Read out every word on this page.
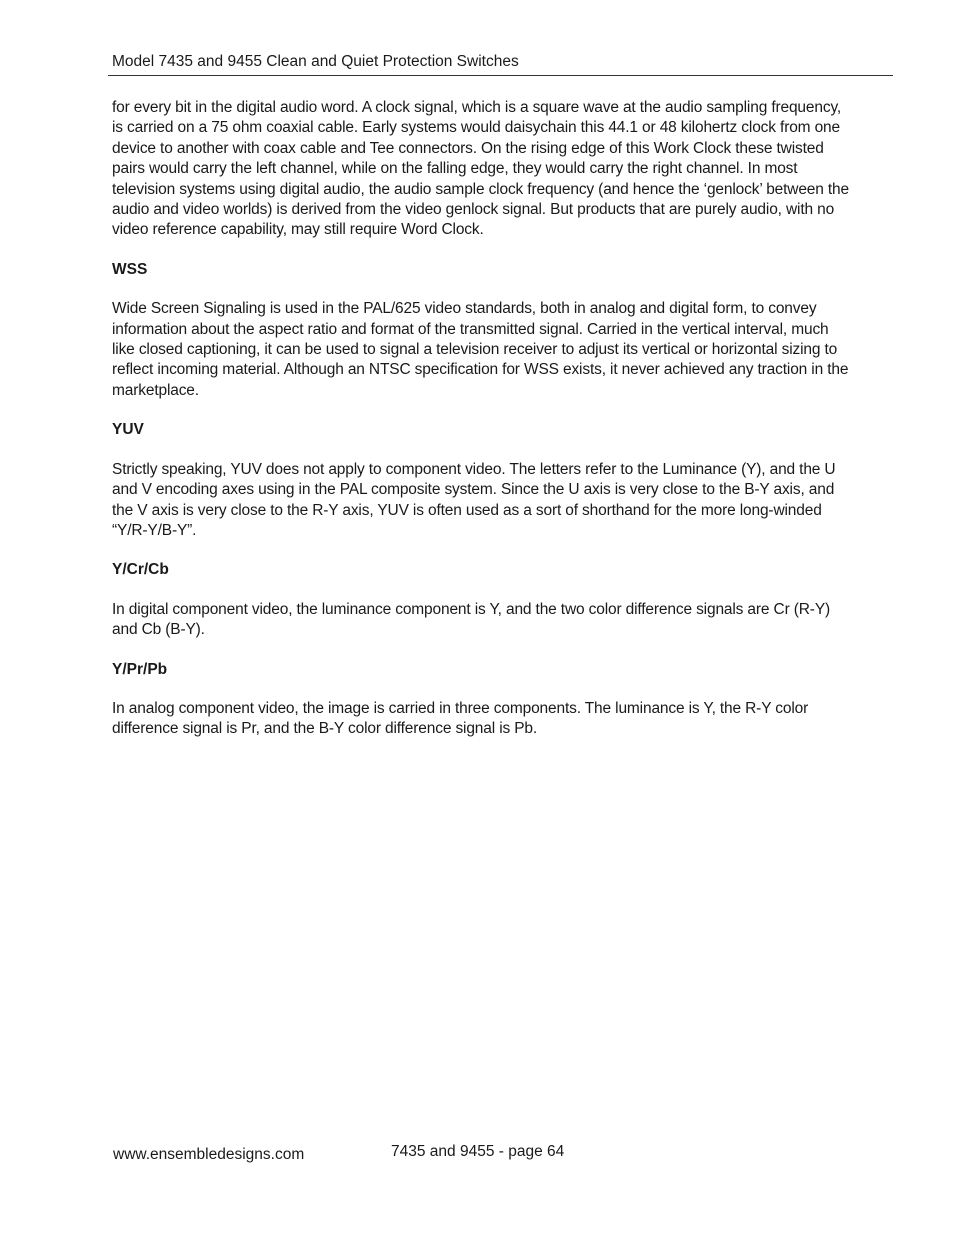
Model 7435 and 9455 Clean and Quiet Protection Switches

for every bit in the digital audio word. A clock signal, which is a square wave at the audio sampling frequency, is carried on a 75 ohm coaxial cable. Early systems would daisychain this 44.1 or 48 kilohertz clock from one device to another with coax cable and Tee connectors. On the rising edge of this Work Clock these twisted pairs would carry the left channel, while on the falling edge, they would carry the right channel. In most television systems using digital audio, the audio sample clock frequency (and hence the ‘genlock’ between the audio and video worlds) is derived from the video genlock signal. But products that are purely audio, with no video reference capability, may still require Word Clock.

WSS

Wide Screen Signaling is used in the PAL/625 video standards, both in analog and digital form, to convey information about the aspect ratio and format of the transmitted signal. Carried in the vertical interval, much like closed captioning, it can be used to signal a television receiver to adjust its vertical or horizontal sizing to reflect incoming material. Although an NTSC specification for WSS exists, it never achieved any traction in the marketplace.

YUV

Strictly speaking, YUV does not apply to component video. The letters refer to the Luminance (Y), and the U and V encoding axes using in the PAL composite system. Since the U axis is very close to the B-Y axis, and the V axis is very close to the R-Y axis, YUV is often used as a sort of shorthand for the more long-winded “Y/R-Y/B-Y”.

Y/Cr/Cb

In digital component video, the luminance component is Y, and the two color difference signals are Cr (R-Y) and Cb (B-Y).

Y/Pr/Pb

In analog component video, the image is carried in three components. The luminance is Y, the R-Y color difference signal is Pr, and the B-Y color difference signal is Pb.

www.ensembledesigns.com	7435 and 9455 - page 64
